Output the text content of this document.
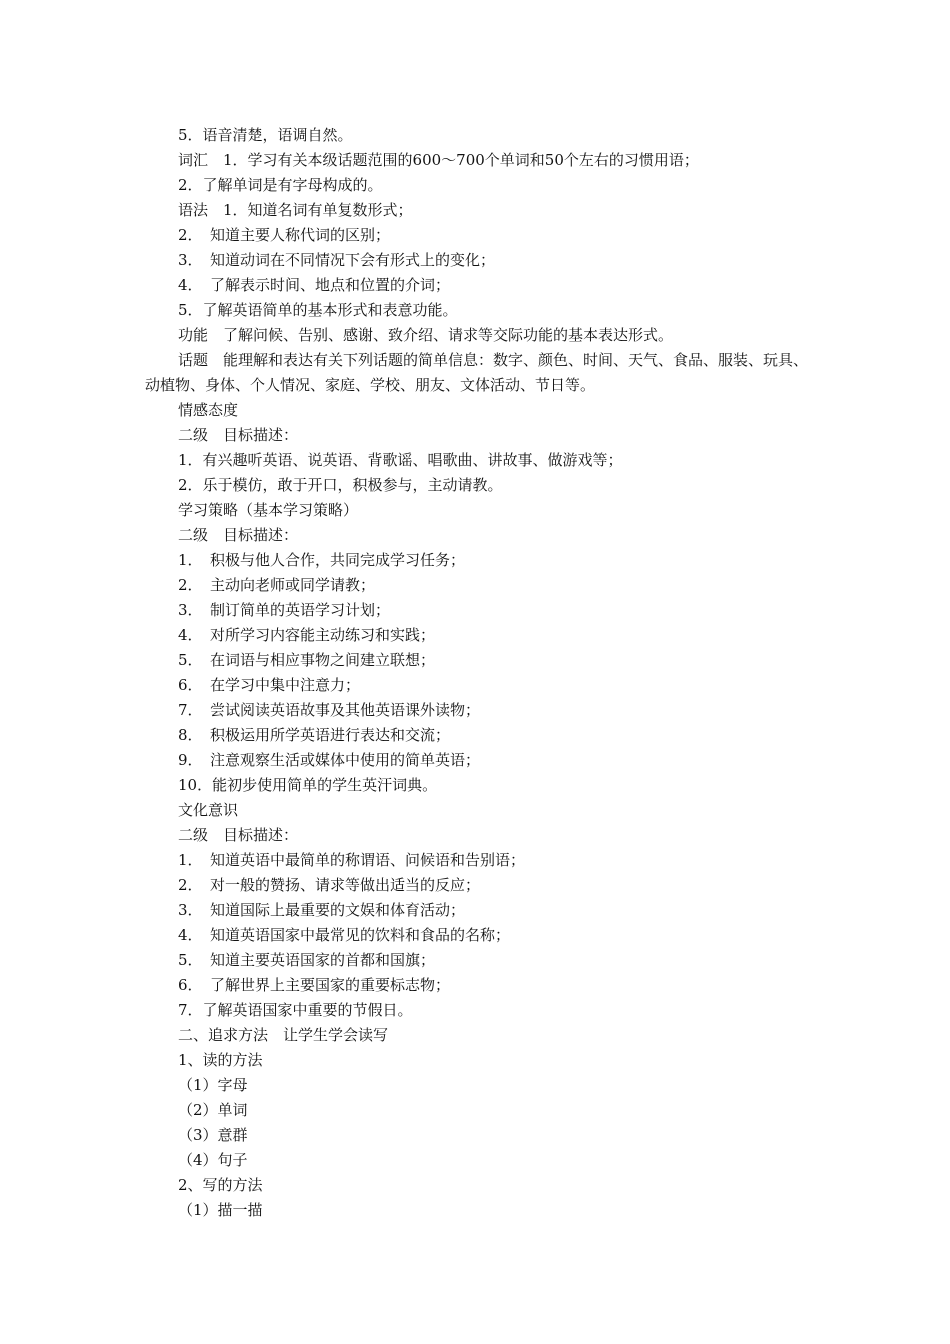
5．语音清楚，语调自然。
词汇　1．学习有关本级话题范围的600～700个单词和50个左右的习惯用语；
2．了解单词是有字母构成的。
语法　1．知道名词有单复数形式；
2．　知道主要人称代词的区别；
3．　知道动词在不同情况下会有形式上的变化；
4．　了解表示时间、地点和位置的介词；
5．了解英语简单的基本形式和表意功能。
功能　了解问候、告别、感谢、致介绍、请求等交际功能的基本表达形式。
话题　能理解和表达有关下列话题的简单信息：数字、颜色、时间、天气、食品、服装、玩具、动植物、身体、个人情况、家庭、学校、朋友、文体活动、节日等。
情感态度
二级　目标描述：
1．有兴趣听英语、说英语、背歌谣、唱歌曲、讲故事、做游戏等；
2．乐于模仿，敢于开口，积极参与，主动请教。
学习策略（基本学习策略）
二级　目标描述：
1．　积极与他人合作，共同完成学习任务；
2．　主动向老师或同学请教；
3．　制订简单的英语学习计划；
4．　对所学习内容能主动练习和实践；
5．　在词语与相应事物之间建立联想；
6．　在学习中集中注意力；
7．　尝试阅读英语故事及其他英语课外读物；
8．　积极运用所学英语进行表达和交流；
9．　注意观察生活或媒体中使用的简单英语；
10．能初步使用简单的学生英汗词典。
文化意识
二级　目标描述：
1．　知道英语中最简单的称谓语、问候语和告别语；
2．　对一般的赞扬、请求等做出适当的反应；
3．　知道国际上最重要的文娱和体育活动；
4．　知道英语国家中最常见的饮料和食品的名称；
5．　知道主要英语国家的首都和国旗；
6．　了解世界上主要国家的重要标志物；
7．了解英语国家中重要的节假日。
二、追求方法　让学生学会读写
1、读的方法
（1）字母
（2）单词
（3）意群
（4）句子
2、写的方法
（1）描一描
